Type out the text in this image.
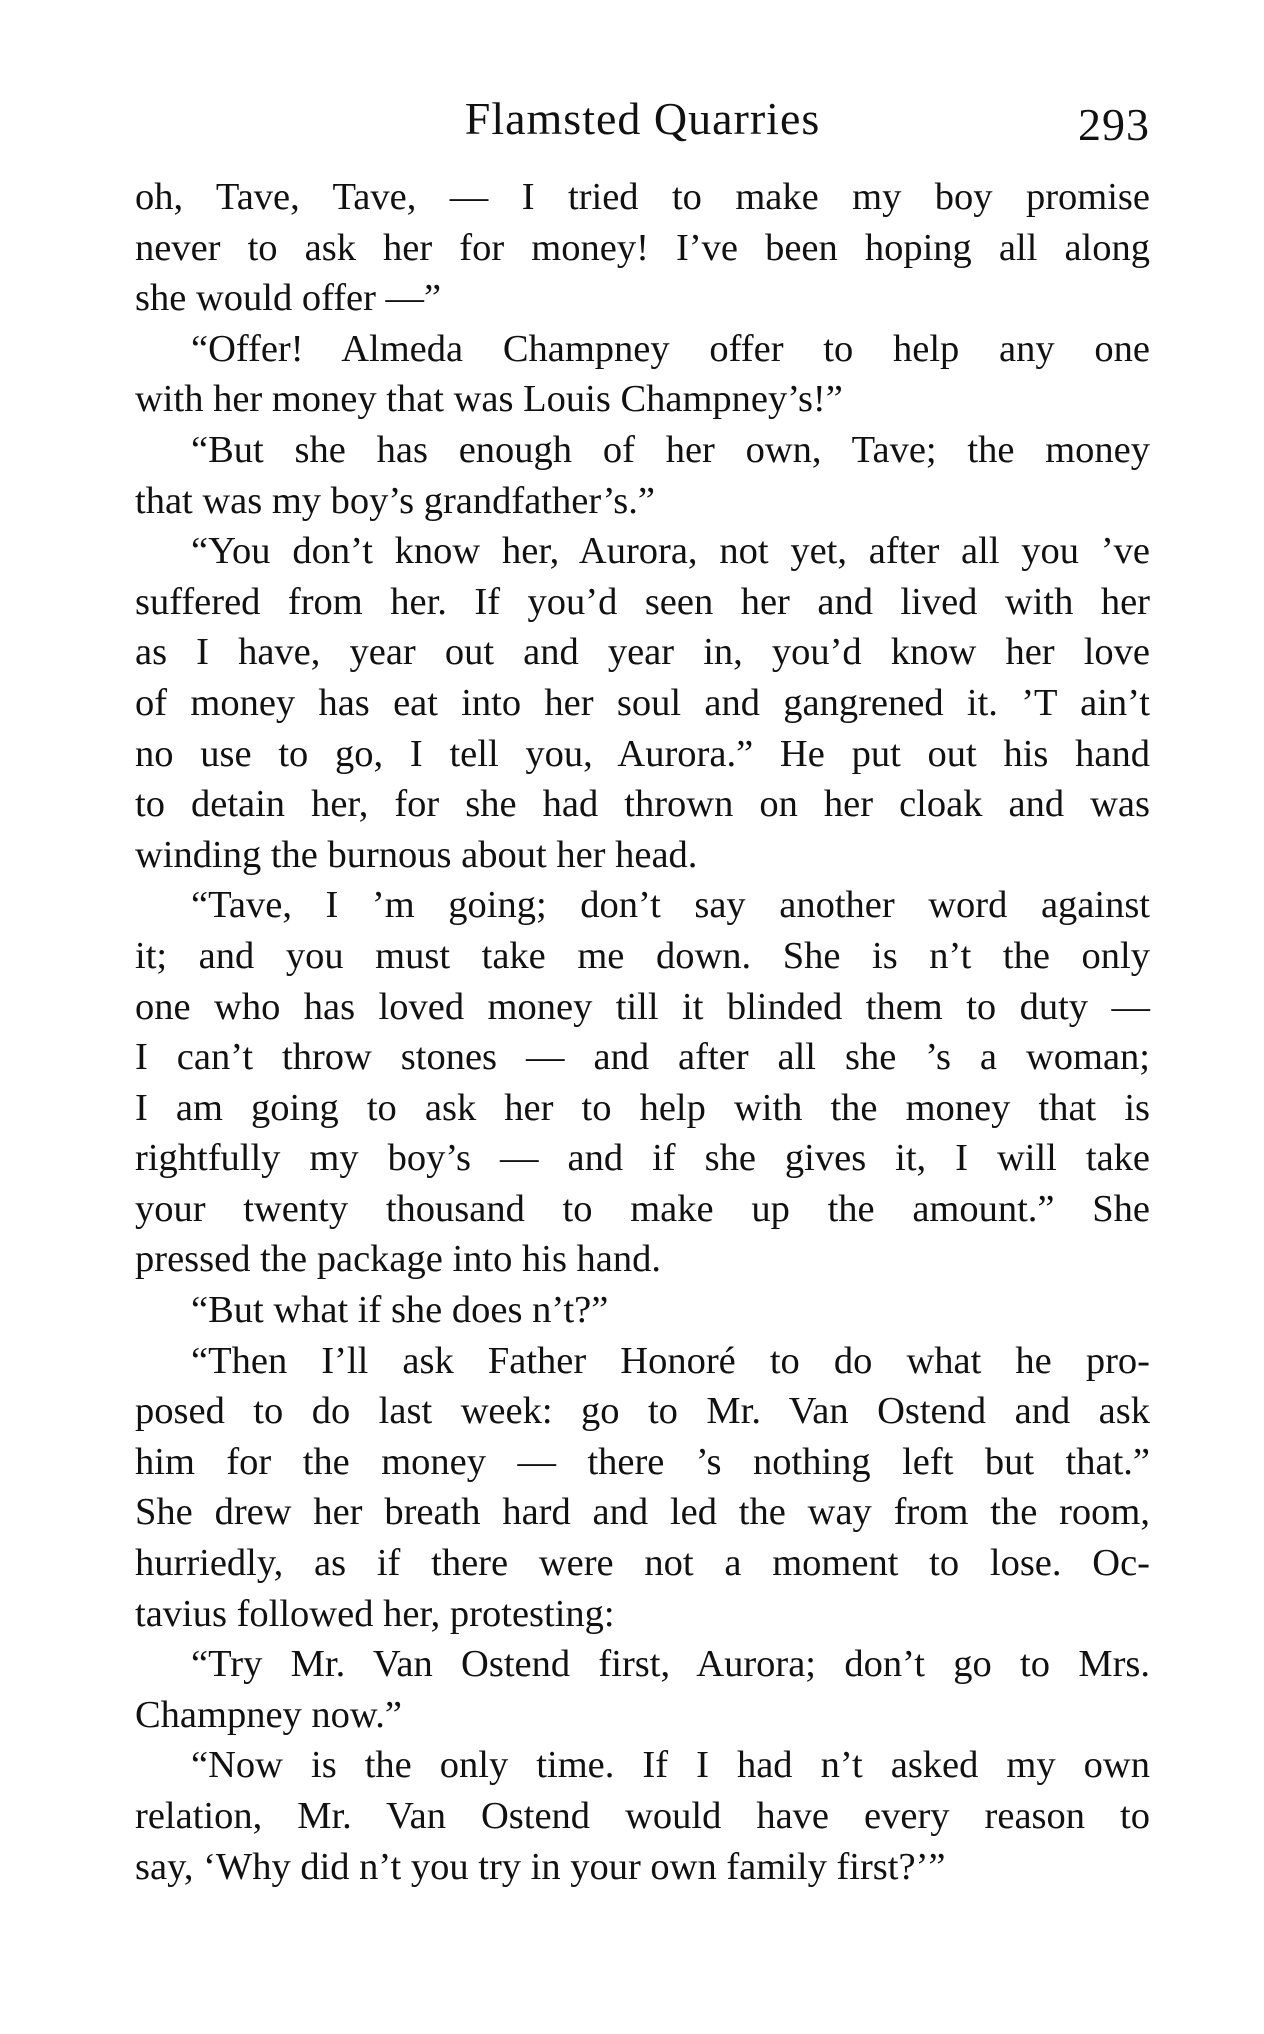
Flamsted Quarries	293
oh, Tave, Tave, — I tried to make my boy promise
never to ask her for money! I’ve been hoping all along
she would offer —”
“Offer! Almeda Champney offer to help any one
with her money that was Louis Champney’s!”
“But she has enough of her own, Tave; the money
that was my boy’s grandfather’s.”
“You don’t know her, Aurora, not yet, after all you ’ve
suffered from her. If you’d seen her and lived with her
as I have, year out and year in, you’d know her love
of money has eat into her soul and gangrened it. ’T ain’t
no use to go, I tell you, Aurora.” He put out his hand
to detain her, for she had thrown on her cloak and was
winding the burnous about her head.
“Tave, I ’m going; don’t say another word against
it; and you must take me down. She is n’t the only
one who has loved money till it blinded them to duty —
I can’t throw stones — and after all she ’s a woman;
I am going to ask her to help with the money that is
rightfully my boy’s — and if she gives it, I will take
your twenty thousand to make up the amount.” She
pressed the package into his hand.
“But what if she does n’t?”
“Then I’ll ask Father Honoré to do what he pro-
posed to do last week: go to Mr. Van Ostend and ask
him for the money — there ’s nothing left but that.”
She drew her breath hard and led the way from the room,
hurriedly, as if there were not a moment to lose. Oc-
tavius followed her, protesting:
“Try Mr. Van Ostend first, Aurora; don’t go to Mrs.
Champney now.”
“Now is the only time. If I had n’t asked my own
relation, Mr. Van Ostend would have every reason to
say, ‘Why did n’t you try in your own family first?’”
